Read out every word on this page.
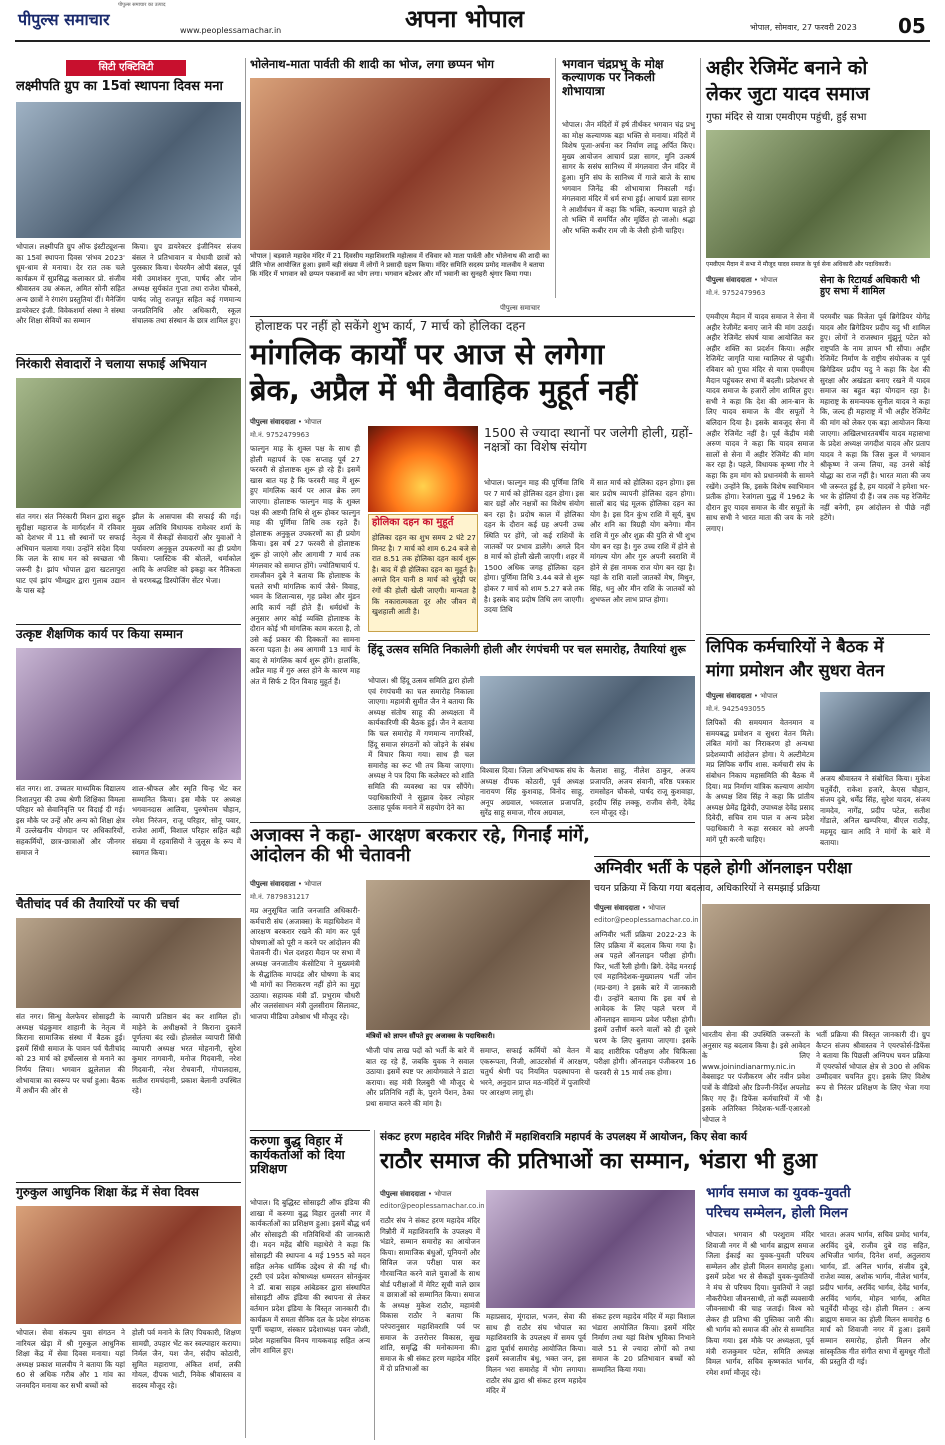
पीपुल्स समाचार
पीपुल्स समाचार का उत्पाद
www.peoplessamachar.in	अपना भोपाल	भोपाल, सोमवार, 27 फरवरी 2023	05
सिटी एक्टिविटी
लक्ष्मीपति ग्रुप का 15वां स्थापना दिवस मना
भोपाल। लक्ष्मीपति ग्रुप ऑफ इंस्टीट्यूशन्स का 15वां स्थापना दिवस 'संभव 2023' धूम-धाम से मनाया। देर रात तक चले कार्यक्रम में सुप्रसिद्ध कलाकार प्रो. संजीव श्रीवास्तव उम्र अंकल, अमित सोनी सहित अन्य छात्रों ने रंगारंग प्रस्तुतियां दीं। मैनेजिंग डायरेक्टर इंजी. विवेकशर्मा संस्था ने संस्था और शिक्षा सेवियों का सम्मान
किया। ग्रुप डायरेक्टर इंजीनियर संजय बंसल ने प्रतिभावान व मेधावी छात्रों को पुरस्कार किया। चेयरमैन ओपी बंसल, पूर्व मंत्री उमाशंकर गुप्ता, पार्षद और जोन अध्यक्ष सुर्यकांत गुप्ता तथा राजेश चौकसे, पार्षद जोतु राजपूत सहित कई गणमान्य जनप्रतिनिधि और अधिकारी, स्कूल संचालक तथा संस्थान के छात्र शामिल हुए।
निरंकारी सेवादारों ने चलाया सफाई अभियान
संत नगर। संत निरंकारी मिशन द्वारा सद्गुरु सुदीक्षा महाराज के मार्गदर्शन में रविवार को देशभर में 11 सौ स्थानों पर सफाई अभियान चलाया गया। उन्होंने संदेश दिया कि जल के साथ मन को स्वच्छता भी जरूरी है। झांप भोपाल द्वारा खटलापुरा घाट एवं झांप भीमद्वार द्वारा गुलाब उद्यान के पास बड़े
झील के आसपास की सफाई की गई। मुख्य अतिथि विधायक रामेश्वर शर्मा के नेतृत्व में सैकड़ों सेवादारों और युवाओं ने पर्यावरण अनुकूल उपकरणों का ही प्रयोग किया। प्लास्टिक की बोतलें, थर्माकोल आदि के अपशिष्ट को इकट्ठा कर नैतिकता से चरणबद्ध डिस्पोजिंग सेंटर भेजा।
उत्कृष्ट शैक्षणिक कार्य पर किया सम्मान
संत नगर। शा. उच्चतर माध्यमिक विद्यालय निशातपुरा की उच्च श्रेणी शिक्षिका विमला परिहार को सेवानिवृत्ति पर विदाई दी गई। इस मौके पर उन्हें और अन्य को शिक्षा क्षेत्र में उल्लेखनीय योगदान पर अधिकारियों, सहकर्मियों, छात्र-छात्राओं और जीनगर समाज ने
शाल-श्रीफल और स्मृति चिन्ह भेंट कर सम्मानित किया। इस मौके पर अध्यक्ष भगवानदास आलिया, पुरुषोत्तम चौहान, रमेश निरंजन, राजू परिहार, सोनू पवार, राजेश आर्मी, विशाल परिहार सहित बड़ी संख्या में रहवासियों ने जुलूस के रूप में स्वागत किया।
चैतीचांद पर्व की तैयारियों पर की चर्चा
संत नगर। सिन्धु वेलफेयर सोसाइटी के अध्यक्ष चंद्रकुमार शाहानी के नेतृत्व में किराना सामाजिक संस्था में बैठक हुई। इसमें सिंधी समाज के पावन पर्व चैतीचांद को 23 मार्च को हर्षोल्लास से मनाने का निर्णय लिया। भगवान झूलेलाल की शोभायात्रा का स्वरूप पर चर्चा हुआ। बैठक में अधीन की ओर से
व्यापारी प्रतिष्ठान बंद कर शामिल हों। माहेने के अधीक्षकों ने किराना दुकानें पूर्णतया बंद रखें। होलसेल व्यापारी सिंधी व्यापारी अध्यक्ष भरत मोहनानी, सुरेश कुमार नागवानी, मनोज गिदवानी, नरेश गिदवानी, नरेश रोचवानी, गोपालदास, सतीश रामचंदानी, प्रकाश बेलानी उपस्थित रहे।
गुरुकुल आधुनिक शिक्षा केंद्र में सेवा दिवस
भोपाल। सेवा संकल्प युवा संगठन ने नारियल खेड़ा में श्री गुरुकुल आधुनिक शिक्षा केंद्र में सेवा दिवस मनाया। यहां अध्यक्ष प्रकाश मालवीय ने बताया कि यहां 60 से अधिक गरीब और 1 गांव का जनमदिन मनाया कर सभी बच्चों को
होली पर्व मनाने के लिए पिचकारी, शिक्षण सामग्री, उपहार भेंट कर स्वल्पाहार कराया। निर्मल जैन, यश जैन, संदीप कोठारी, सुमित महाराणा, अंकित शर्मा, लकी गोयल, दीपक भाटी, निवेक श्रीवास्तव व सदस्य मौजूद रहे।
भोलेनाथ-माता पार्वती की शादी का भोज, लगा छप्पन भोग
भोपाल | बड़वाले महादेव मंदिर में 21 दिवसीय महाशिवरात्रि महोत्सव में रविवार को माता पार्वती और भोलेनाथ की शादी का प्रीति भोज आयोजित हुआ। इसमें बड़ी संख्या में लोगों ने प्रसादी ग्रहण किया। मंदिर समिति सदस्य प्रमोद मालवीय ने बताया कि मंदिर में भगवान को छप्पन पकवानों का भोग लगा। भगवान बटेश्वर और माँ भवानी का सुनहरी श्रृंगार किया गया।
पीपुल्स समाचार
भगवान चंद्रप्रभु के मोक्ष कल्याणक पर निकली शोभायात्रा
भोपाल। जैन मंदिरों में हर्ष तीर्थंकर भगवान चंद्र प्रभु का मोक्ष कल्याणक बड़ा भक्ति से मनाया। मंदिरों में विशेष पूजा-अर्चना कर निर्वाण लाडू अर्पित किए। मुख्य आयोजन आचार्य प्रज्ञा सागर, मुनि उत्कर्ष सागर के ससंघ सानिध्य में मंगलवारा जैन मंदिर में हुआ। मुनि संघ के सानिध्य में गाजे बाजे के साथ भगवान जिनेंद्र की शोभायात्रा निकाली गई। मंगलवारा मंदिर में धर्म सभा हुई। आचार्य प्रज्ञा सागर ने आशीर्वचन में कहा कि भक्ति, कल्याण चाहते हो तो भक्ति में समर्पित और मूर्छित हो जाओ। श्रद्धा और भक्ति कबीर राम जी के जैसी होनी चाहिए।
होलाष्टक पर नहीं हो सकेंगे शुभ कार्य, 7 मार्च को होलिका दहन
मांगलिक कार्यों पर आज से लगेगा
ब्रेक, अप्रैल में भी वैवाहिक मुहूर्त नहीं
पीपुल्स संवाददाता • भोपाल
मो.नं. 9752479963
फाल्गुन माह के शुक्ल पक्ष के साथ ही होली महापर्व के एक सप्ताह पूर्व 27 फरवरी से होलाष्टक शुरू हो रहे हैं। इसमें खास बात यह है कि फरवरी माह में शुरू हुए मांगलिक कार्य पर आज ब्रेक लग जाएगा। होलाष्टक फाल्गुन माह के शुक्ल पक्ष की अष्टमी तिथि से शुरू होकर फाल्गुन माह की पूर्णिमा तिथि तक रहते हैं। होलाष्टक अनुकूल उपकरणों का ही प्रयोग किया। इस वर्ष 27 फरवरी से होलाष्टक शुरू हो जाएंगे और आगामी 7 मार्च तक मंगलवार को समाप्त होंगे। ज्योतिषाचार्य पं. रामजीवन दुबे ने बताया कि होलाष्टक के चलते सभी मांगलिक कार्य जैसे- विवाह, भवन के शिलान्यास, गृह प्रवेश और मुंडन आदि कार्य नहीं होते हैं। धर्मग्रंथों के अनुसार अगर कोई व्यक्ति होलाष्टक के दौरान कोई भी मांगलिक काम करता है, तो उसे कई प्रकार की दिक्कतों का सामना करना पड़ता है। अब आगामी 13 मार्च के बाद से मांगलिक कार्य शुरू होंगे। हालांकि, अप्रैल माह में गुरु अस्त होने के कारण माह अंत में सिर्फ 2 दिन विवाह मुहूर्त हैं।
होलिका दहन का मुहूर्त
होलिका दहन का शुभ समय 2 घंटे 27 मिनट है। 7 मार्च को शाम 6.24 बजे से रात 8.51 तक होलिका दहन कार्य शुरू है। बाद में ही होलिका दहन का मुहूर्त है। अगले दिन यानी 8 मार्च को धुरेड़ी पर रंगों की होली खेली जाएगी। मान्यता है कि नकारात्मकता दूर और जीवन में खुशहाली आती है।
1500 से ज्यादा स्थानों पर जलेगी होली, ग्रहों-नक्षत्रों का विशेष संयोग
भोपाल। फाल्गुन माह की पूर्णिमा तिथि पर 7 मार्च को होलिका दहन होगा। इस बार ग्रहों और नक्षत्रों का विशेष संयोग बन रहा है। प्रदोष काल में होलिका दहन के दौरान कई ग्रह अपनी उच्च स्थिति पर होंगे, जो कई राशियों के जातकों पर प्रभाव डालेंगे। अगले दिन 8 मार्च को होली खेली जाएगी। शहर में 1500 अधिक जगह होलिका दहन होगा। पूर्णिमा तिथि 3.44 बजे से शुरू होकर 7 मार्च को शाम 5.27 बजे तक है। इसके बाद प्रदोष तिथि लग जाएगी। उदया तिथि
में सात मार्च को होलिका दहन होगा। इस बार प्रदोष व्यापनी होलिका दहन होगा। सालों बाद चंद्र मूलक होलिका दहन का योग है। इस दिन कुंभ राशि में सूर्य, बुध और शनि का त्रिग्रही योग बनेगा। मीन राशि में गुरु और शुक्र की युति से भी शुभ योग बन रहा है। गुरु उच्च राशि में होने से मांगल्य योग और गुरु अपनी स्वराशि में होने से हंस नामक राज योग बन रहा है। यहां के राशि वालों जातकों मेष, मिथुन, सिंह, धनु और मीन राशि के जातकों को शुभफल और लाभ प्राप्त होगा।
हिंदू उत्सव समिति निकालेगी होली और रंगपंचमी पर चल समारोह, तैयारियां शुरू
भोपाल। श्री हिंदू उत्सव समिति द्वारा होली एवं रंगपंचमी का चल समारोह निकाला जाएगा। महामंत्री सुमीत जैन ने बताया कि अध्यक्ष संतोष साहू की अध्यक्षता में कार्यकारिणी की बैठक हुई। जैन ने बताया कि चल समारोह में गणमान्य नागरिकों, हिंदू समाज संगठनों को जोड़ने के संबंध में विचार किया गया। साथ ही चल समारोह का रूट भी तय किया जाएगा। अध्यक्ष ने पत्र दिया कि कलेक्टर को शांति समिति की व्यवस्था का पत्र सौंपेंगे। पदाधिकारियों ने सुझाव देकर त्योहार उत्साह पूर्वक मनाने में सहयोग देने का
विश्वास दिया। जिला अभिभाषक संघ के अध्यक्ष दीपक कोठारी, पूर्व अध्यक्ष नारायण सिंह कुशवाह, विनोद साहू, अनूप अग्रवाल, भवरलाल प्रजापति, सुरेंद्र साहू समाज, गौरव अग्रवाल,
कैलाश साहू, नीलेश ठाकुर, अजय प्रजापति, अजय संवानी, वरिष्ठ पत्रकार रामसोहन चौकसे, पार्षद राजू कुशवाहा, हरदीप सिंह लक्कू, राजीव सेनी, देवेंद्र रत्न मौजूद रहे।
अजाक्स ने कहा- आरक्षण बरकरार रहे, गिनाईं मांगें, आंदोलन की भी चेतावनी
पीपुल्स संवाददाता • भोपाल
मो.नं. 7879831217
मप्र अनुसूचित जाति जनजाति अधिकारी-कर्मचारी संघ (अजाक्स) के महाधिवेशन में आरक्षण बरकरार रखने की मांग कर पूर्व घोषणाओं को पूरी न करने पर आंदोलन की चेतावनी दी। भेल दशहरा मैदान पर सभा में अध्यक्ष जनजातीय कंसोटिया ने मुख्यमंत्री के सैद्धांतिक मापदंड और घोषणा के बाद भी मांगों का निराकरण नहीं होने का मुद्दा उठाया। सहायक मंत्री डॉ. प्रभुराम चौधरी और जलसंसाधन मंत्री तुलसीराम सिलावट, भाजपा मीडिया उमेश्नाथ भी मौजूद रहे।
मंत्रियों को ज्ञापन सौंपते हुए अजाक्स के पदाधिकारी।
भीजी पांच लाख पदों को भर्ती के बारे में बात रह रहे हैं, जबकि युवक ने सवाल उठाया। इसमें स्पष्ट पर आयोगवाले ने डाटा कराया। सह मंत्री रिलबुरी भी मौजूद थे और प्रतिनिधि नहीं के, पुराने पेंशन, ठेका प्रथा समाप्त करने की मांग है।
समाप्त, सफाई कर्मियों को वेतन में एकरूपता, निजी, आउटसोर्स में आरक्षण, चतुर्थ श्रेणी पद नियमित पदस्थापना से भरने, अनुदान प्राप्त मठ-मंदिरों में पुजारियों पर आरक्षण लागू हो।
करुणा बुद्ध विहार में कार्यकर्ताओं को दिया प्रशिक्षण
भोपाल। दि बुद्धिस्ट सोसाइटी ऑफ इंडिया की शाखा में करुणा बुद्ध विहार तुलसी नगर में कार्यकर्ताओं का प्रशिक्षण हुआ। इसमें बौद्ध धर्म और सोसाइटी की गतिविधियों की जानकारी दी। मदन महेंद्र बौधि महाथेरो ने कहा कि सोसाइटी की स्थापना 4 मई 1955 को मदन सहित अनेक धार्मिक उद्देश्य से की गई थी। ट्रस्टी एवं प्रदेश कोषाध्यक्ष धम्मरतन सोनकुंवर ने डॉ. बाबा साहब आंबेडकर द्वारा संस्थापित सोसाइटी ऑफ इंडिया की स्थापना से लेकर वर्तमान प्रदेश इंडिया के विस्तृत जानकारी दी। कार्यक्रम में समता सैनिक दल के प्रदेश संगठक पूर्णी चव्हाण, संस्कार प्रदेशाध्यक्ष पवन जोशी, प्रदेश महासचिव विनय गायकवाड़ सहित अन्य लोग शामिल हुए।
संकट हरण महादेव मंदिर गिन्नौरी में महाशिवरात्रि महापर्व के उपलक्ष्य में आयोजन, किए सेवा कार्य
राठौर समाज की प्रतिभाओं का सम्मान, भंडारा भी हुआ
पीपुल्स संवाददाता • भोपाल
editor@peoplessamachar.co.in
राठौर संघ ने संकट हरण महादेव मंदिर गिन्नौरी में महाशिवरात्रि के उपलक्ष्य में भंडारे, सम्मान समारोह का आयोजन किया। सामाजिक बंधुओं, यूनियनों और सिविल जज परीक्षा पास कर गौरवान्वित करने वाले युवाओं के साथ बोर्ड परीक्षाओं में मेरिट सूची वाले छात्र व छात्राओं को सम्मानित किया। समाज के अध्यक्ष मुकेश राठौर, महामंत्री विकास राठौर ने बताया कि परंपरानुसार महाशिवरात्रि पर्व पर समाज के उत्तरोत्तर विकास, सुख शांति, समृद्धि की मनोकामना की। समाज के श्री संकट हरण महादेव मंदिर में दो प्रतिभाओं का
महाप्रसाद, मूंगदाल, भजन, सेवा की साथ ही राठौर संघ भोपाल का महाशिवरात्रि के उपलक्ष्य में समय पूर्व द्वारा पूर्वार्ध समारोह आयोजित किया। इसमें स्वजातीय बंधु, भक्त जन, इस मिलन भरा समारोह में भोग लगाया। राठौर संघ द्वारा श्री संकट हरण महादेव मंदिर में
संकट हरण महादेव मंदिर में महा विशाल भंडारा आयोजित किया। इसमें मंदिर निर्माण तथा यहां विशेष भूमिका निभाने वाले 51 से ज्यादा लोगों को तथा समाज के 20 प्रतिभावान बच्चों को सम्मानित किया गया।
अहीर रेजिमेंट बनाने को
लेकर जुटा यादव समाज
गुफा मंदिर से यात्रा एमवीएम पहुंची, हुई सभा
एमवीएम मैदान में सभा में मौजूद यादव समाज के पूर्व सेना अधिकारी और पदाधिकारी।
पीपुल्स संवाददाता • भोपाल
मो.नं. 9752479963
एमवीएम मैदान में यादव समाज ने सेना में अहीर रेजीमेंट बनाए जाने की मांग उठाई। अहीर रेजिमेंट संघर्ष यात्रा आयोजित कर अहीर शक्ति का प्रदर्शन किया। अहीर रेजिमेंट जागृति यात्रा ग्वालियर से पहुंची। रविवार को गुफा मंदिर से यात्रा एमवीएम मैदान पहुंचकर सभा में बदली। प्रदेशभर से यादव समाज के हजारों लोग शामिल हुए। सभी ने कहा कि देश की आन-बान के लिए यादव समाज के वीर सपूतों ने बलिदान दिया है। इसके बावजूद सेना में अहीर रेजिमेंट नहीं है। पूर्व केंद्रीय मंत्री अरुण यादव ने कहा कि यादव समाज सालों से सेना में अहीर रेजिमेंट की मांग कर रहा है। पहले, विधायक कृष्णा गौर ने कहा कि हम मांग को प्रधानमंत्री के सामने रखेंगे। उन्होंने कि, इसके विशेष स्वाभिमान प्रतीक होगा। रेजांगला युद्ध में 1962 के दौरान हुए यादव समाज के वीर सपूतों के साथ सभी ने भारत माता की जय के नारे लगाए।
सेना के रिटायर्ड अधिकारी भी हुए सभा में शामिल
परमवीर चक्र विजेता पूर्व ब्रिगेडियर योगेंद्र यादव और ब्रिगेडियर प्रदीप यदु भी शामिल हुए। लोगों ने राजस्थान मुंझुनूं पटेल को राष्ट्रपति के नाम ज्ञापन भी सौंपा। अहीर रेजिमेंट निर्माण के राष्ट्रीय संयोजक व पूर्व ब्रिगेडियर प्रदीप यदु ने कहा कि देश की सुरक्षा और अखंडता बनाए रखने में यादव समाज का बहुत बड़ा योगदान रहा है। महाराष्ट्र के समन्वयक सुनील यादव ने कहा कि, जल्द ही महाराष्ट्र में भी अहीर रेजिमेंट की मांग को लेकर एक बड़ा आयोजन किया जाएगा। अखिलभारतवर्षीय यादव महासभा के प्रदेश अध्यक्ष जगदीश यादव और प्रताप यादव ने कहा कि जिस कुल में भगवान श्रीकृष्ण ने जन्म लिया, वह उनसे कोई योद्धा का राज नहीं है। भारत माता की जय भी जरूरत हुई है, हम यादवों ने हमेशा भर-भर के होलियां दी हैं। जब तक यह रेजिमेंट नहीं बनेगी, हम आंदोलन से पीछे नहीं हटेंगे।
लिपिक कर्मचारियों ने बैठक में
मांगा प्रमोशन और सुधरा वेतन
पीपुल्स संवाददाता • भोपाल
मो.नं. 9425493055
लिपिकों की समयमान वेतनमान व समयबद्ध प्रमोशन व सुधरा वेतन मिले। लंबित मांगों का निराकरण हो अन्यथा प्रदेशव्यापी आंदोलन होगा। ये अल्टीमेटम मप्र लिपिक वर्गीय शास. कर्मचारी संघ के संबोधन निकाय महासमिति की बैठक में दिया। मप्र निर्माण यांत्रिक कल्याण आयोग के अध्यक्ष शिव सिंह ने कहा कि प्रांतीय अध्यक्ष प्रेमेंद्र द्विवेदी, उपाध्यक्ष देवेंद्र प्रसाद दिवेदी, सचिव राम पाल व अन्य प्रदेश पदाधिकारी ने कहा सरकार को अपनी मांगें पूरी करनी चाहिए।
अजय श्रीवास्तव ने संबोधित किया। मुकेश चतुर्वेदी, राकेश हजारे, केएस चौहान, संजय दुबे, धर्मेंद्र सिंह, सुरेश यादव, संजय नामदेव, नागेंद्र, प्रदीप पटेल, सतीश गोंडाले, अनिल खम्परिया, बीएल राठौड़, महमूद खान आदि ने मांगों के बारे में बताया।
अग्निवीर भर्ती के पहले होगी ऑनलाइन परीक्षा
चयन प्रक्रिया में किया गया बदलाव, अधिकारियों ने समझाई प्रक्रिया
पीपुल्स संवाददाता • भोपाल
editor@peoplessamachar.co.in
अग्निवीर भर्ती प्रक्रिया 2022-23 के लिए प्रक्रिया में बदलाव किया गया है। अब पहले ऑनलाइन परीक्षा होगी। फिर, भर्ती रैली होगी। ब्रिगे. देवेंद्र मनराई एवं महानिदेशक-मुख्यालय भर्ती जोन (मप्र-छग) ने इसके बारे में जानकारी दी। उन्होंने बताया कि इस वर्ष से आवेदक के लिए पहले चरण में ऑनलाइन सामान्य प्रवेश परीक्षा होगी। इसमें उत्तीर्ण करने वालों को ही दूसरे चरण के लिए बुलाया जाएगा। इसके बाद शारीरिक परीक्षण और चिकित्सा परीक्षा होगी। ऑनलाइन पंजीकरण 16 फरवरी से 15 मार्च तक होगा।
भारतीय सेना की उपस्थिति जरूरतों के अनुसार यह बदलाव किया है। इसे आवेदन के लिए www.joinindianarmy.nic.in वेबसाइट पर पंजीकरण और नवीन प्रवेश पत्रों के वीडियो और डिज्नी-निर्देश अपलोड किए गए हैं। डिफेंस कर्मचारियों में भी इसके अतिरिक्त निदेशक-भर्ती-एआरओ भोपाल ने
भर्ती प्रक्रिया की विस्तृत जानकारी दी। ग्रुप कैप्टन संजय श्रीवास्तव ने एयरफोर्स-डिफेंस ने बताया कि पिछली अग्निपथ चयन प्रक्रिया में एयरफोर्स भोपाल क्षेत्र से 300 से अधिक उम्मीदवार चयनित हुए। इसके लिए विशेष रूप से निरंतर प्रशिक्षण के लिए भेजा गया है।
भार्गव समाज का युवक-युवती
परिचय सम्मेलन, होली मिलन
भोपाल। भगवान श्री परशुराम मंदिर शिवाजी नगर में श्री भार्गव ब्राह्मण समाज जिला ईकाई का युवक-युवती परिचय सम्मेलन और होली मिलन समारोह हुआ। इसमें प्रदेश भर से सैकड़ों युवक-युवतियों ने मंच से परिचय दिया। युवतियों ने जहां नौकरीपेशा जीवनसाथी, तो कहीं व्यवसायी जीवनसाथी की चाह जताई। विश्व को लेकर ही प्रतिभा की पुस्तिका जारी की। श्री भार्गव को समाज की ओर से सम्मानित किया गया। इस मौके पर अध्यक्षता, पूर्व मंत्री राजकुमार पटेल, समिति अध्यक्ष विमल भार्गव, सचिव कृष्णकांत भार्गव, रमेश शर्मा मौजूद रहे।
भारत। अजय भार्गव, सचिव प्रमोद भार्गव, अरविंद दुबे, राजीव दुबे राह सहित, अभिजीत भार्गव, दिनेश शर्मा, अतुलराय भार्गव, डॉ. अनिल भार्गव, संजीव दुबे, राजेश व्यास, अशोक भार्गव, नीलेश भार्गव, प्रदीप भार्गव, अरविंद भार्गव, देवेंद्र भार्गव, अरविंद भार्गव, मोहन भार्गव, अमित चतुर्वेदी मौजूद रहे। होली मिलन : अन्य ब्राह्मण समाज का होली मिलन समारोह 6 मार्च को शिवाजी नगर में हुआ। इसमें सम्मान समारोह, होली मिलन और सांस्कृतिक गीत संगीत सभा में सुमधुर गीतों की प्रस्तुति दी गई।
